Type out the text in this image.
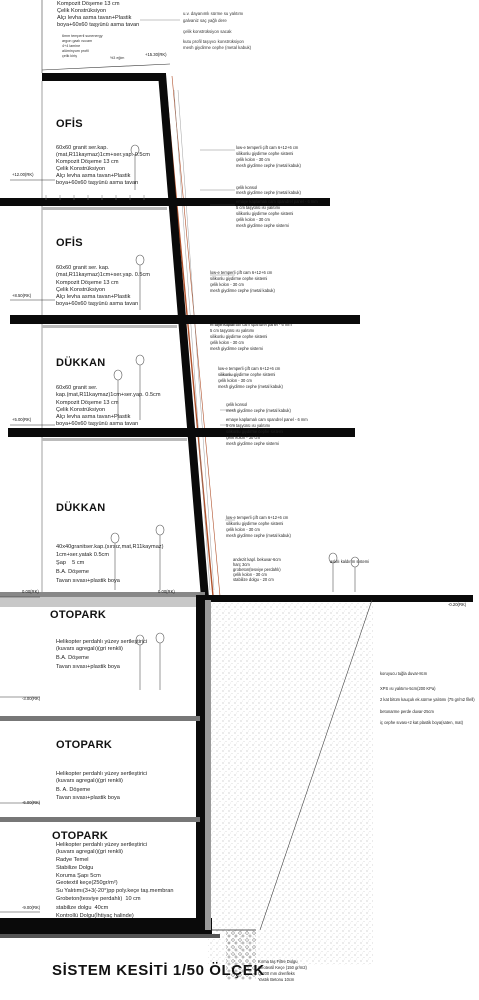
u.v. dayanımlı sürme su yalıtımı
galvaniz saç yağlı dere
çelik konstrüksiyon sacak
kutu profil taşıyıcı konstrüksiyon
mesh giydirme cephe (metal kabuk)
Kompozit Döşeme 13 cm
Çelik Konstrüksiyon
Alçı levha asma tavan+Plastik
boya+60x60 taşyünü asma tavan
6mm temperli sunenergy
argon gazlı ısıcam
4+4 lamine
alüminyum profil
çelik kiriş	%3 eğim
+15.30(RK)
OFİS
OFİS
DÜKKAN
DÜKKAN
OTOPARK
OTOPARK
OTOPARK
60x60 granit ser.kap.
(mat,R11kaymaz)1cm+ser.yap. 0.5cm
Kompozit Döşeme 13 cm
Çelik Konstrüksiyon
Alçı levha asma tavan+Plastik
boya+60x60 taşyünü asma tavan
60x60 granit ser. kap.
(mat,R11kaymaz)1cm+ser.yap. 0.5cm
Kompozit Döşeme 13 cm
Çelik Konstrüksiyon
Alçı levha asma tavan+Plastik
boya+60x60 taşyünü asma tavan
60x60 granit ser.
kap.(mat,R11kaymaz)1cm+ser.yap. 0.5cm
Kompozit Döşeme 13 cm
Çelik Konstrüksiyon
Alçı levha asma tavan+Plastik
boya+60x60 taşyünü asma tavan
40x40granitser.kap.(sırsız,mat,R11kaymaz)
1cm+ser.yatak 0.5cm
Şap    5 cm
B.A. Döşeme
Tavan sıvası+plastik boya
Helikopter perdahlı yüzey sertleştirici
(kuvars agregalı)(gri renkli)
B.A. Döşeme
Tavan sıvası+plastik boya
Helikopter perdahlı yüzey sertleştirici
(kuvars agregalı)(gri renkli)
B. A. Döşeme
Tavan sıvası+plastik boya
Helikopter perdahlı yüzey sertleştirici
(kuvars agregalı)(gri renkli)
Radye Temel
Stabilize Dolgu
Koruma Şapı 5cm
Geotextil keçe(250gr/m²)
Su Yalıtımı(3+3(-20°)pp poly.keçe taş.membran
Grobeton(tesviye perdahlı)  10 cm
stabilize dolgu  40cm
Kontrollü Dolgu(İhtiyaç halinde)
+12.00(RK)
+8.50(RK)
+5.00(RK)
0.00(RK)	0.00(RK)
-0.20(RK)
-3.00(RK)
-6.00(RK)
-9.00(RK)
low-e temperli çift cam 6+12+6 cm
silikonlu giydirme cephe sistemi
çelik kolon - 30 cm
mesh giydirme cephe (metal kabuk)
çelik konsol
mesh giydirme cephe (metal kabuk)
emaye kaplamalı cam spandrel panel - 6 mm
5 cm taşyünü ısı yalıtımı
silikonlu giydirme cephe sistemi
çelik kolon - 30 cm
mesh giydirme cephe sistemi
low-e temperli çift cam 6+12+6 cm
silikonlu giydirme cephe sistemi
çelik kolon - 30 cm
mesh giydirme cephe (metal kabuk)
emaye kaplamalı cam spandrel panel - 6 mm
5 cm taşyünü ısı yalıtımı
silikonlu giydirme cephe sistemi
çelik kolon - 30 cm
mesh giydirme cephe sistemi
low-e temperli çift cam 6+12+6 cm
silikonlu giydirme cephe sistemi
çelik kolon - 30 cm
mesh giydirme cephe (metal kabuk)
çelik konsol
mesh giydirme cephe (metal kabuk)
emaye kaplamalı cam spandrel panel - 6 mm
5 cm taşyünü ısı yalıtımı
silikonlu giydirme cephe sistemi
çelik kolon - 30 cm
mesh giydirme cephe sistemi
low-e temperli çift cam 6+12+6 cm
silikonlu giydirme cephe sistemi
çelik kolon - 30 cm
mesh giydirme cephe (metal kabuk)
andezit kapl. bekuvar-6cm
harç 3cm
grobeton(tesviye perdahlı)
çelik kolon - 30 cm
stabilize dolgu - 20 cm
askılı kaldırım sistemi
koruyucu tuğla duvar-8cm
XPS ısı yalıtımı-5cm(200 KPa)
2 kat bitüm kauçuk ek.sürme yalıtımı (75 gr/m2 filell)
betonarme perde duvar-25cm
iç cephe sıvası+2 kat plastik boya(saten, mat)
Kırma taş Filtre Dolgu
Geotextil Keçe (150 gr/m2)
Q.200 mm drenfleks
Yastık Betonu 10cm
SİSTEM KESİTİ 1/50 ÖLÇEK
